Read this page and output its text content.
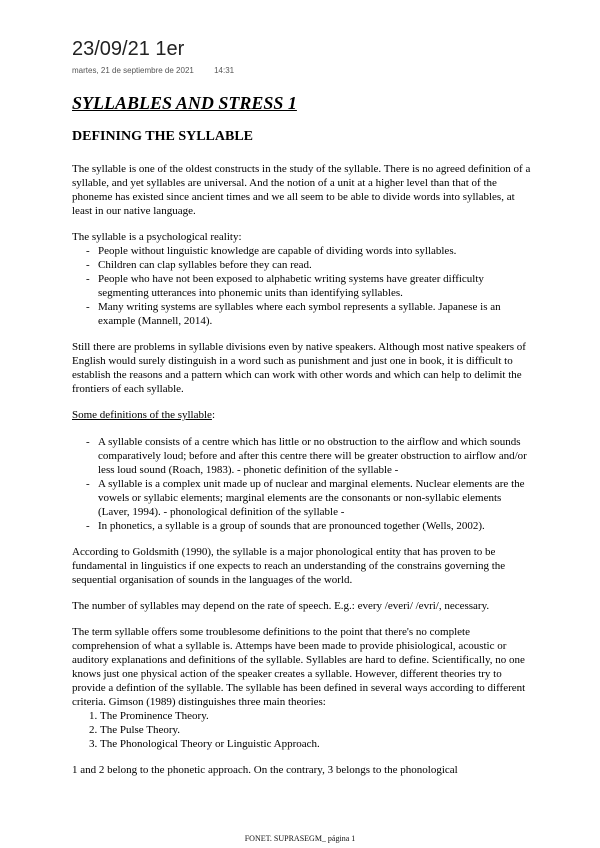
23/09/21 1er
martes, 21 de septiembre de 2021	14:31
SYLLABLES AND STRESS 1
DEFINING THE SYLLABLE

The syllable is one of the oldest constructs in the study of the syllable. There is no agreed definition of a syllable, and yet syllables are universal. And the notion of a unit at a higher level than that of the phoneme has existed since ancient times and we all seem to be able to divide words into syllables, at least in our native language.

The syllable is a psychological reality:

- People without linguistic knowledge are capable of dividing words into syllables.
- Children can clap syllables before they can read.
- People who have not been exposed to alphabetic writing systems have greater difficulty segmenting utterances into phonemic units than identifying syllables.
- Many writing systems are syllables where each symbol represents a syllable. Japanese is an example (Mannell, 2014).

Still there are problems in syllable divisions even by native speakers. Although most native speakers of English would surely distinguish in a word such as punishment and just one in book, it is difficult to establish the reasons and a pattern which can work with other words and which can help to delimit the frontiers of each syllable.

Some definitions of the syllable:

- A syllable consists of a centre which has little or no obstruction to the airflow and which sounds comparatively loud; before and after this centre there will be greater obstruction to airflow and/or less loud sound (Roach, 1983). - phonetic definition of the syllable -
- A syllable is a complex unit made up of nuclear and marginal elements. Nuclear elements are the vowels or syllabic elements; marginal elements are the consonants or non-syllabic elements (Laver, 1994). - phonological definition of the syllable -
- In phonetics, a syllable is a group of sounds that are pronounced together (Wells, 2002).

According to Goldsmith (1990), the syllable is a major phonological entity that has proven to be fundamental in linguistics if one expects to reach an understanding of the constrains governing the sequential organisation of sounds in the languages of the world.

The number of syllables may depend on the rate of speech. E.g.: every /everi/ /evri/, necessary.

The term syllable offers some troublesome definitions to the point that there's no complete comprehension of what a syllable is. Attemps have been made to provide phisiological, acoustic or auditory explanations and definitions of the syllable. Syllables are hard to define. Scientifically, no one knows just one physical action of the speaker creates a syllable. However, different theories try to provide a defintion of the syllable. The syllable has been defined in several ways according to different criteria. Gimson (1989) distinguishes three main theories:

1. The Prominence Theory.
2. The Pulse Theory.
3. The Phonological Theory or Linguistic Approach.

1 and 2 belong to the phonetic approach. On the contrary, 3 belongs to the phonological

FONET. SUPRASEGM_ página 1
